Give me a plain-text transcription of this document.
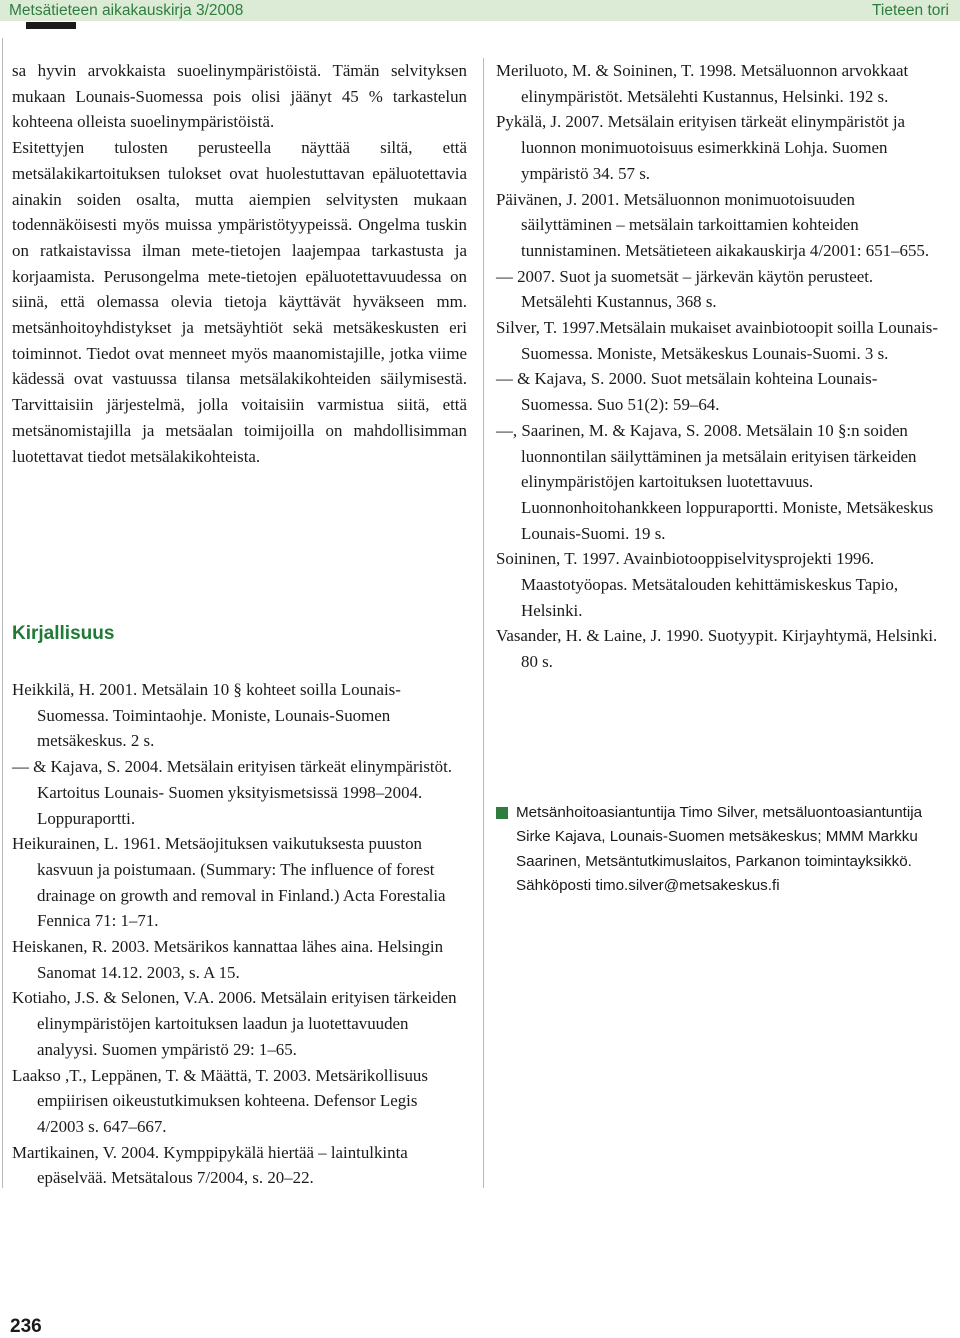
Metsätieteen aikakauskirja 3/2008	Tieteen tori

sa hyvin arvokkaista suoelinympäristöistä. Tämän selvityksen mukaan Lounais-Suomessa pois olisi jäänyt 45 % tarkastelun kohteena olleista suoelinympäristöistä.

Esitettyjen tulosten perusteella näyttää siltä, että metsälakikartoituksen tulokset ovat huolestuttavan epäluotettavia ainakin soiden osalta, mutta aiempien selvitysten mukaan todennäköisesti myös muissa ympäristötyypeissä. Ongelma tuskin on ratkaistavissa ilman mete-tietojen laajempaa tarkastusta ja korjaamista. Perusongelma mete-tietojen epäluotettavuudessa on siinä, että olemassa olevia tietoja käyttävät hyväkseen mm. metsänhoitoyhdistykset ja metsäyhtiöt sekä metsäkeskusten eri toiminnot. Tiedot ovat menneet myös maanomistajille, jotka viime kädessä ovat vastuussa tilansa metsälakikohteiden säilymisestä. Tarvittaisiin järjestelmä, jolla voitaisiin varmistua siitä, että metsänomistajilla ja metsäalan toimijoilla on mahdollisimman luotettavat tiedot metsälakikohteista.

Kirjallisuus

Heikkilä, H. 2001. Metsälain 10 § kohteet soilla Lounais-Suomessa. Toimintaohje. Moniste, Lounais-Suomen metsäkeskus. 2 s.

— & Kajava, S. 2004. Metsälain erityisen tärkeät elinympäristöt. Kartoitus Lounais- Suomen yksityismetsissä 1998–2004. Loppuraportti.

Heikurainen, L. 1961. Metsäojituksen vaikutuksesta puuston kasvuun ja poistumaan. (Summary: The influence of forest drainage on growth and removal in Finland.) Acta Forestalia Fennica 71: 1–71.

Heiskanen, R. 2003. Metsärikos kannattaa lähes aina. Helsingin Sanomat 14.12. 2003, s. A 15.

Kotiaho, J.S. & Selonen, V.A. 2006. Metsälain erityisen tärkeiden elinympäristöjen kartoituksen laadun ja luotettavuuden analyysi. Suomen ympäristö 29: 1–65.

Laakso ,T., Leppänen, T. & Määttä, T. 2003. Metsärikollisuus empiirisen oikeustutkimuksen kohteena. Defensor Legis 4/2003 s. 647–667.

Martikainen, V. 2004. Kymppipykälä hiertää – laintulkinta epäselvää. Metsätalous 7/2004, s. 20–22.

Meriluoto, M. & Soininen, T. 1998. Metsäluonnon arvokkaat elinympäristöt. Metsälehti Kustannus, Helsinki. 192 s.

Pykälä, J. 2007. Metsälain erityisen tärkeät elinympäristöt ja luonnon monimuotoisuus esimerkkinä Lohja. Suomen ympäristö 34. 57 s.

Päivänen, J. 2001. Metsäluonnon monimuotoisuuden säilyttäminen – metsälain tarkoittamien kohteiden tunnistaminen. Metsätieteen aikakauskirja 4/2001: 651–655.

— 2007. Suot ja suometsät – järkevän käytön perusteet. Metsälehti Kustannus, 368 s.

Silver, T. 1997.Metsälain mukaiset avainbiotoopit soilla Lounais-Suomessa. Moniste, Metsäkeskus Lounais-Suomi. 3 s.

— & Kajava, S. 2000. Suot metsälain kohteina Lounais-Suomessa. Suo 51(2): 59–64.

—, Saarinen, M. & Kajava, S. 2008. Metsälain 10 §:n soiden luonnontilan säilyttäminen ja metsälain erityisen tärkeiden elinympäristöjen kartoituksen luotettavuus. Luonnonhoitohankkeen loppuraportti. Moniste, Metsäkeskus Lounais-Suomi. 19 s.

Soininen, T. 1997. Avainbiotooppiselvitysprojekti 1996. Maastotyöopas. Metsätalouden kehittämiskeskus Tapio, Helsinki.

Vasander, H. & Laine, J. 1990. Suotyypit. Kirjayhtymä, Helsinki. 80 s.

Metsänhoitoasiantuntija Timo Silver, metsäluontoasiantuntija Sirke Kajava, Lounais-Suomen metsäkeskus; MMM Markku Saarinen, Metsäntutkimuslaitos, Parkanon toimintayksikkö. Sähköposti timo.silver@metsakeskus.fi

236
